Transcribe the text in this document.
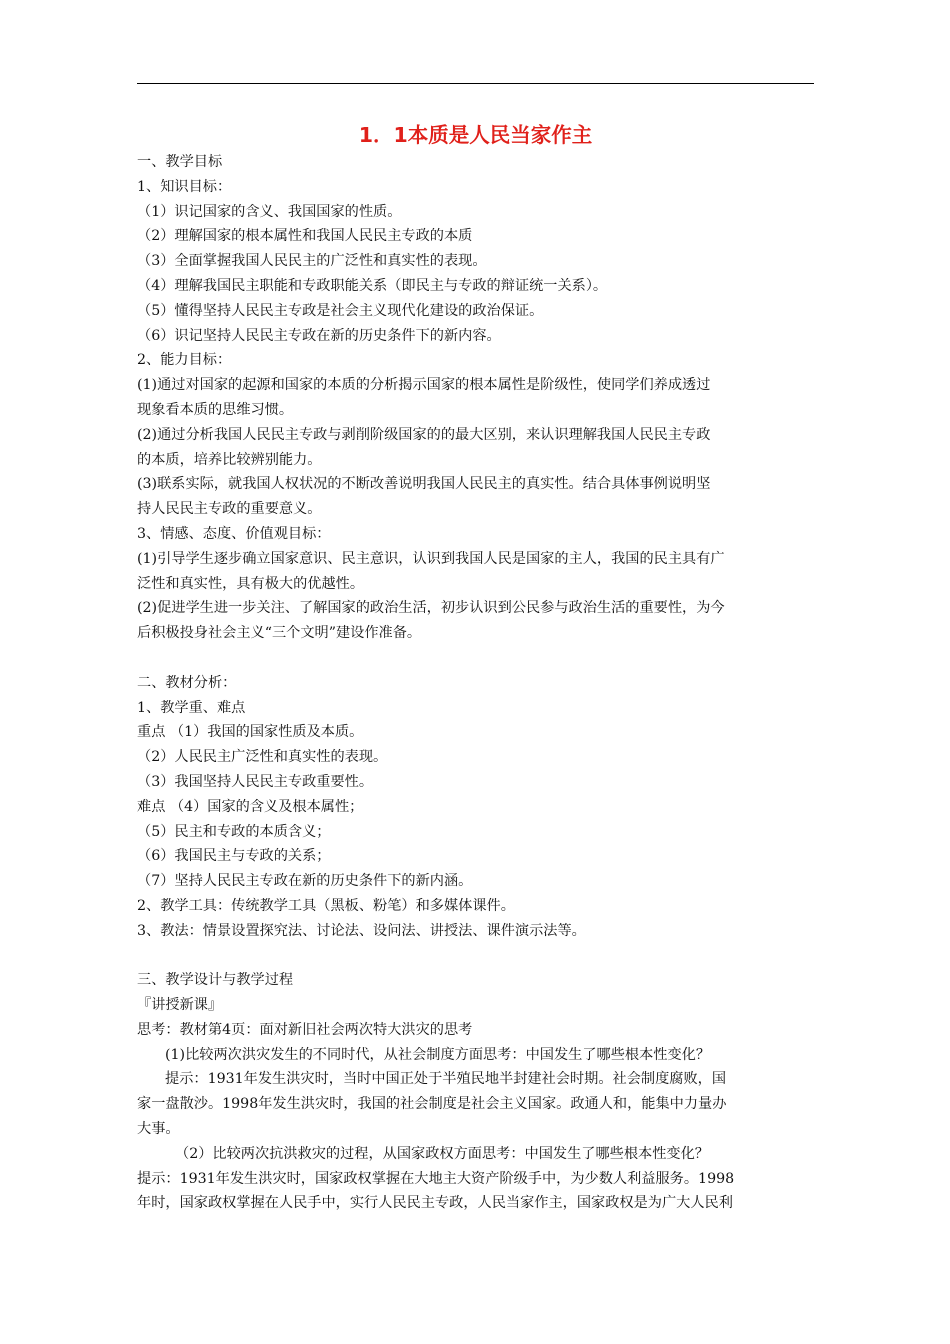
1．1本质是人民当家作主
一、教学目标
1、知识目标：
（1）识记国家的含义、我国国家的性质。
（2）理解国家的根本属性和我国人民民主专政的本质
（3）全面掌握我国人民民主的广泛性和真实性的表现。
（4）理解我国民主职能和专政职能关系（即民主与专政的辩证统一关系）。
（5）懂得坚持人民民主专政是社会主义现代化建设的政治保证。
（6）识记坚持人民民主专政在新的历史条件下的新内容。
2、能力目标：
(1)通过对国家的起源和国家的本质的分析揭示国家的根本属性是阶级性，使同学们养成透过
现象看本质的思维习惯。
(2)通过分析我国人民民主专政与剥削阶级国家的的最大区别，来认识理解我国人民民主专政
的本质，培养比较辨别能力。
(3)联系实际，就我国人权状况的不断改善说明我国人民民主的真实性。结合具体事例说明坚
持人民民主专政的重要意义。
3、情感、态度、价值观目标：
(1)引导学生逐步确立国家意识、民主意识，认识到我国人民是国家的主人，我国的民主具有广
泛性和真实性，具有极大的优越性。
(2)促进学生进一步关注、了解国家的政治生活，初步认识到公民参与政治生活的重要性，为今
后积极投身社会主义“三个文明”建设作准备。
二、教材分析：
1、教学重、难点
重点 （1）我国的国家性质及本质。
（2）人民民主广泛性和真实性的表现。
（3）我国坚持人民民主专政重要性。
难点 （4）国家的含义及根本属性；
（5）民主和专政的本质含义；
（6）我国民主与专政的关系；
（7）坚持人民民主专政在新的历史条件下的新内涵。
2、教学工具：传统教学工具（黑板、粉笔）和多媒体课件。
3、教法：情景设置探究法、讨论法、设问法、讲授法、课件演示法等。
三、教学设计与教学过程
『讲授新课』
思考：教材第4页：面对新旧社会两次特大洪灾的思考
(1)比较两次洪灾发生的不同时代，从社会制度方面思考：中国发生了哪些根本性变化？
提示：1931年发生洪灾时，当时中国正处于半殖民地半封建社会时期。社会制度腐败，国
家一盘散沙。1998年发生洪灾时，我国的社会制度是社会主义国家。政通人和，能集中力量办
大事。
（2）比较两次抗洪救灾的过程，从国家政权方面思考：中国发生了哪些根本性变化？
提示：1931年发生洪灾时，国家政权掌握在大地主大资产阶级手中，为少数人利益服务。1998
年时，国家政权掌握在人民手中，实行人民民主专政，人民当家作主，国家政权是为广大人民利
